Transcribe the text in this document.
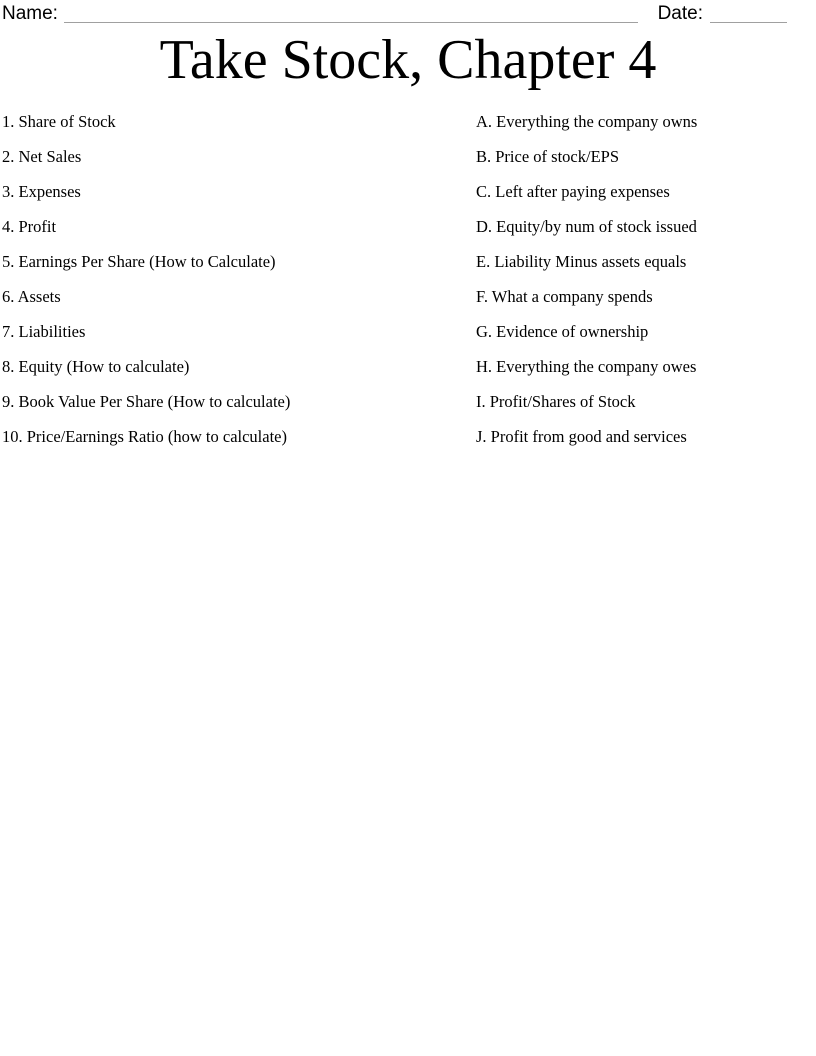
Name:	Date:
Take Stock, Chapter 4
1. Share of Stock
2. Net Sales
3. Expenses
4. Profit
5. Earnings Per Share (How to Calculate)
6. Assets
7. Liabilities
8. Equity (How to calculate)
9. Book Value Per Share (How to calculate)
10. Price/Earnings Ratio (how to calculate)
A. Everything the company owns
B. Price of stock/EPS
C. Left after paying expenses
D. Equity/by num of stock issued
E. Liability Minus assets equals
F. What a company spends
G. Evidence of ownership
H. Everything the company owes
I. Profit/Shares of Stock
J. Profit from good and services
